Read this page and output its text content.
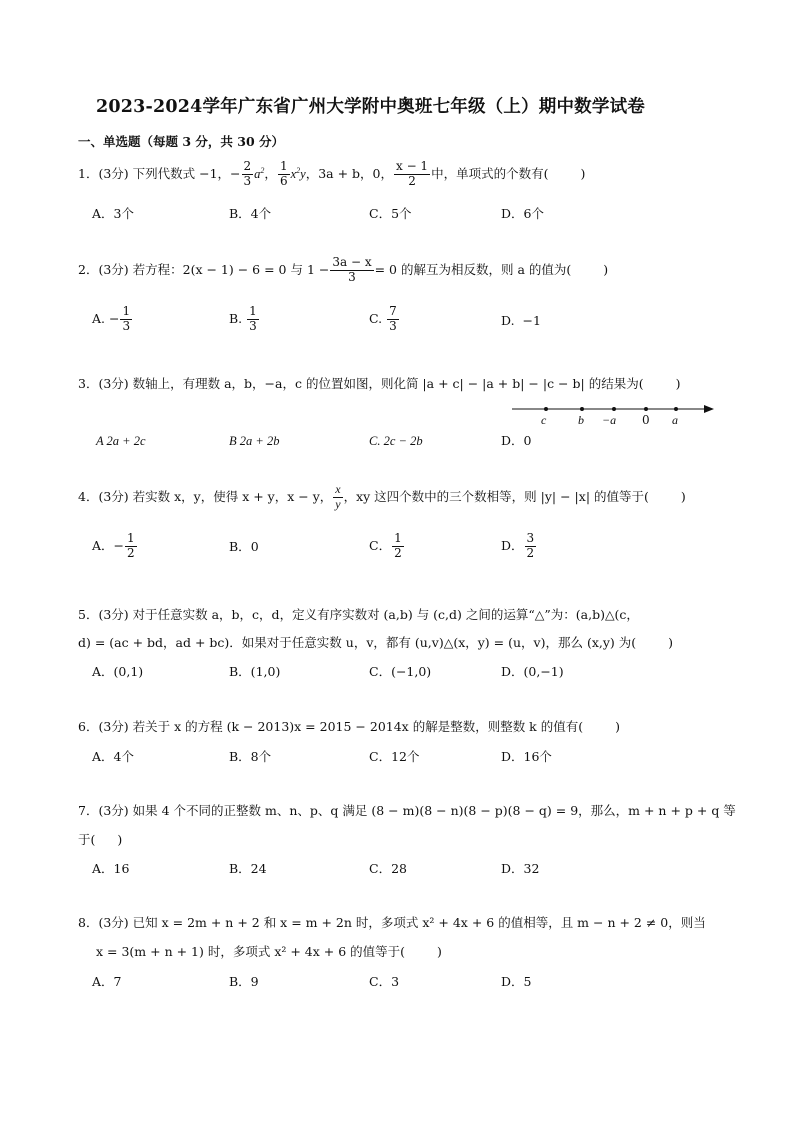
2023-2024学年广东省广州大学附中奥班七年级（上）期中数学试卷
一、单选题（每题 3 分，共 30 分）
1．(3分) 下列代数式 −1，− $\frac{2}{3} a^2$， $\frac{1}{6} x^2y$，3a + b，0， $\frac{x - 1}{2}$ 中，单项式的个数有(	)
A．3个	B．4个	C．5个	D．6个
2．(3分) 若方程：2(x − 1) − 6 = 0 与 $1 - \frac{3a - x}{3} = 0$ 的解互为相反数，则 a 的值为(	)
A. − $\frac{1}{3}$	B. $\frac{1}{3}$	C. $\frac{7}{3}$	D. −1
3．(3分) 数轴上，有理数 a，b，−a，c 的位置如图，则化简 |a + c| − |a + b| − |c − b| 的结果为(	)
c	b −a 0 a
A 2a + 2c	B 2a + 2b	C. 2c − 2b	D．0
4．(3分) 若实数 x，y，使得 x + y，x − y， $\frac{x}{y}$ ，xy 这四个数中的三个数相等，则 |y| − |x| 的值等于(	)
A．− $\frac{1}{2}$	B．0	C． $\frac{1}{2}$	D． $\frac{3}{2}$
5．(3分) 对于任意实数 a，b，c，d，定义有序实数对 (a,b) 与 (c,d) 之间的运算“△”为：(a,b)△(c，
d) = (ac + bd，ad + bc)．如果对于任意实数 u，v，都有 (u,v)△(x，y) = (u，v)，那么 (x,y) 为(	)
A．(0,1)	B．(1,0)	C．(−1,0)	D．(0,−1)
6．(3分) 若关于 x 的方程 (k − 2013)x = 2015 − 2014x 的解是整数，则整数 k 的值有(	)
A．4个	B．8个	C．12个	D．16个
7．(3分) 如果 4 个不同的正整数 m、n、p、q 满足 (8 − m)(8 − n)(8 − p)(8 − q) = 9，那么，m + n + p + q 等
于( )
A．16	B．24	C．28	D．32
8．(3分) 已知 x = 2m + n + 2 和 x = m + 2n 时，多项式 x² + 4x + 6 的值相等，且 m − n + 2 ≠ 0，则当
x = 3(m + n + 1) 时，多项式 x² + 4x + 6 的值等于(	)
A．7	B．9	C．3	D．5
